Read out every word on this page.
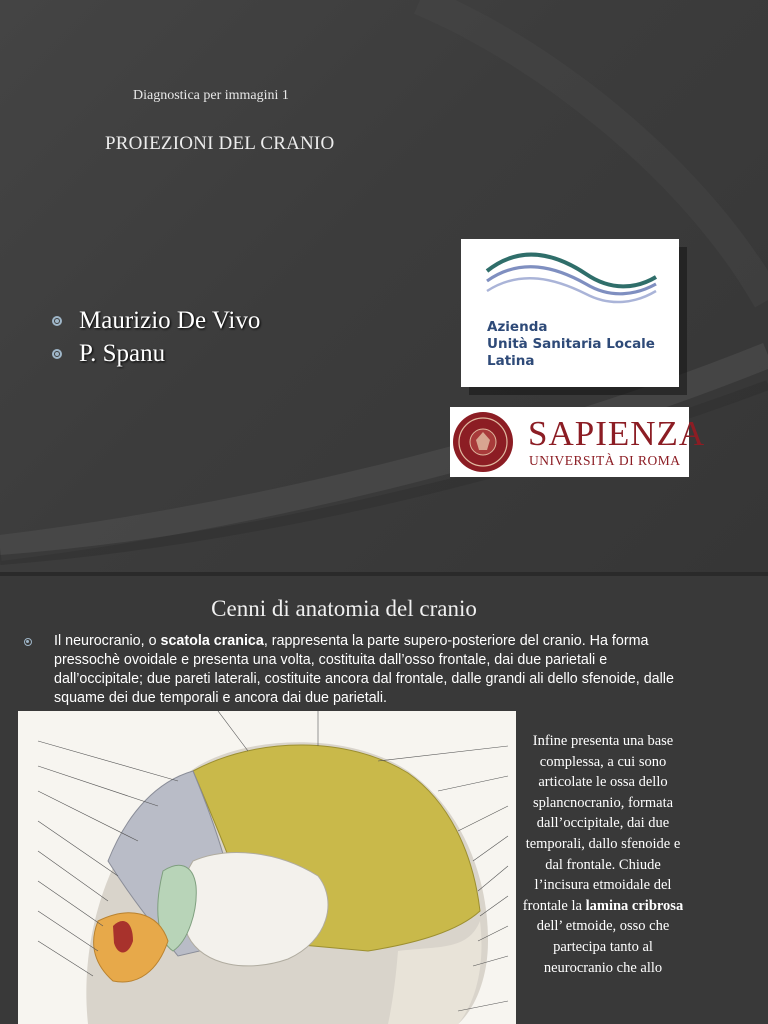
Diagnostica per immagini 1
PROIEZIONI DEL CRANIO
Maurizio De Vivo
P. Spanu
Azienda
Unità Sanitaria Locale
Latina
SAPIENZA
UNIVERSITÀ DI ROMA
Cenni di anatomia del cranio

Il neurocranio, o scatola cranica, rappresenta la parte supero-posteriore del cranio. Ha forma pressochè ovoidale e presenta una volta, costituita dall’osso frontale, dai due parietali e dall’occipitale; due pareti laterali, costituite ancora dal frontale, dalle grandi ali dello sfenoide, dalle squame dei due temporali e ancora dai due parietali.

Infine presenta una base complessa, a cui sono articolate le ossa dello splancnocranio, formata dall’occipitale, dai due temporali, dallo sfenoide e dal frontale. Chiude l’incisura etmoidale del frontale la lamina cribrosa dell’ etmoide, osso che partecipa tanto al neurocranio che allo
